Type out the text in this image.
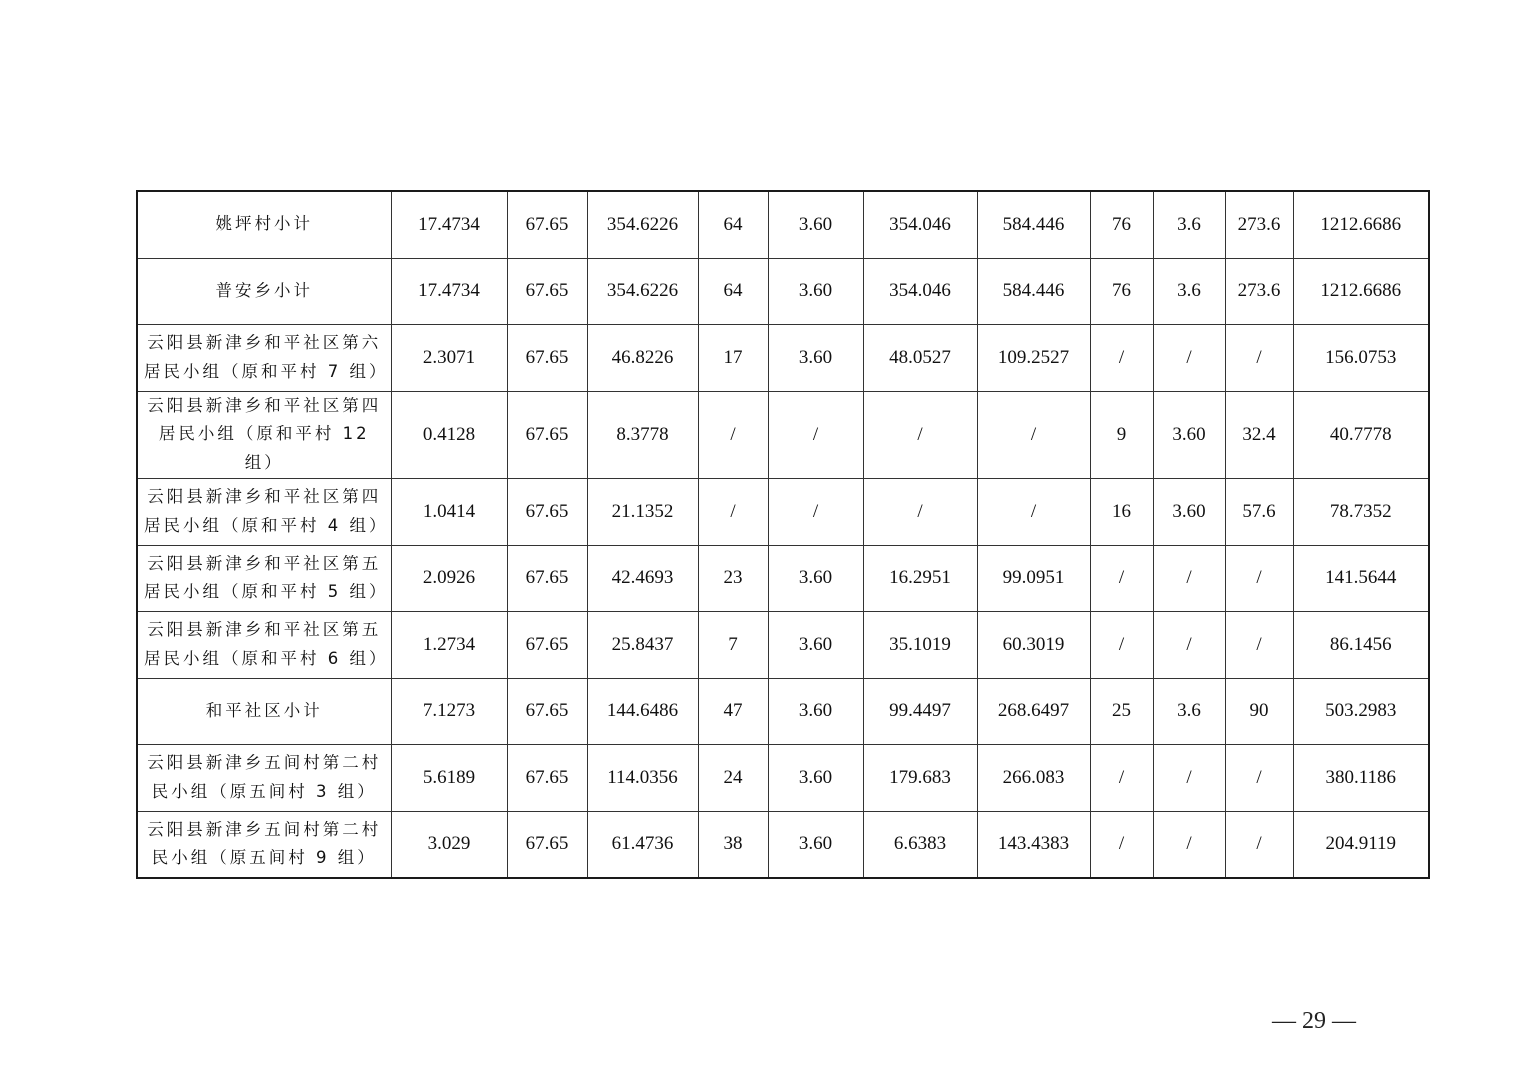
姚坪村小计	17.4734	67.65	354.6226	64	3.60	354.046	584.446	76	3.6	273.6	1212.6686
普安乡小计	17.4734	67.65	354.6226	64	3.60	354.046	584.446	76	3.6	273.6	1212.6686
云阳县新津乡和平社区第六居民小组（原和平村 7 组）	2.3071	67.65	46.8226	17	3.60	48.0527	109.2527	/	/	/	156.0753
云阳县新津乡和平社区第四居民小组（原和平村 12 组）	0.4128	67.65	8.3778	/	/	/	/	9	3.60	32.4	40.7778
云阳县新津乡和平社区第四居民小组（原和平村 4 组）	1.0414	67.65	21.1352	/	/	/	/	16	3.60	57.6	78.7352
云阳县新津乡和平社区第五居民小组（原和平村 5 组）	2.0926	67.65	42.4693	23	3.60	16.2951	99.0951	/	/	/	141.5644
云阳县新津乡和平社区第五居民小组（原和平村 6 组）	1.2734	67.65	25.8437	7	3.60	35.1019	60.3019	/	/	/	86.1456
和平社区小计	7.1273	67.65	144.6486	47	3.60	99.4497	268.6497	25	3.6	90	503.2983
云阳县新津乡五间村第二村民小组（原五间村 3 组）	5.6189	67.65	114.0356	24	3.60	179.683	266.083	/	/	/	380.1186
云阳县新津乡五间村第二村民小组（原五间村 9 组）	3.029	67.65	61.4736	38	3.60	6.6383	143.4383	/	/	/	204.9119
— 29 —
